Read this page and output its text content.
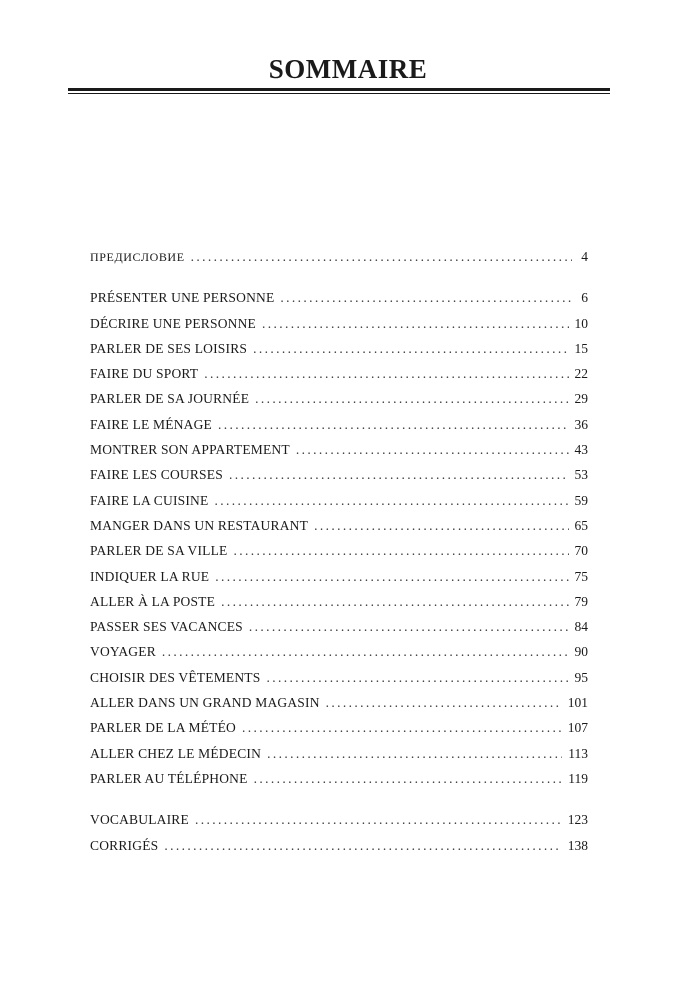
SOMMAIRE
ПРЕДИСЛОВИЕ . . .	4
PRÉSENTER UNE PERSONNE . . .	6
DÉCRIRE UNE PERSONNE . . .	10
PARLER DE SES LOISIRS . . .	15
FAIRE DU SPORT . . .	22
PARLER DE SA JOURNÉE . . .	29
FAIRE LE MÉNAGE . . .	36
MONTRER SON APPARTEMENT . . .	43
FAIRE LES COURSES . . .	53
FAIRE LA CUISINE . . .	59
MANGER DANS UN RESTAURANT . . .	65
PARLER DE SA VILLE . . .	70
INDIQUER LA RUE . . .	75
ALLER À LA POSTE . . .	79
PASSER SES VACANCES . . .	84
VOYAGER . . .	90
CHOISIR DES VÊTEMENTS . . .	95
ALLER DANS UN GRAND MAGASIN . . .	101
PARLER DE LA MÉTÉO . . .	107
ALLER CHEZ LE MÉDECIN . . .	113
PARLER AU TÉLÉPHONE . . .	119
VOCABULAIRE . . .	123
CORRIGÉS . . .	138
